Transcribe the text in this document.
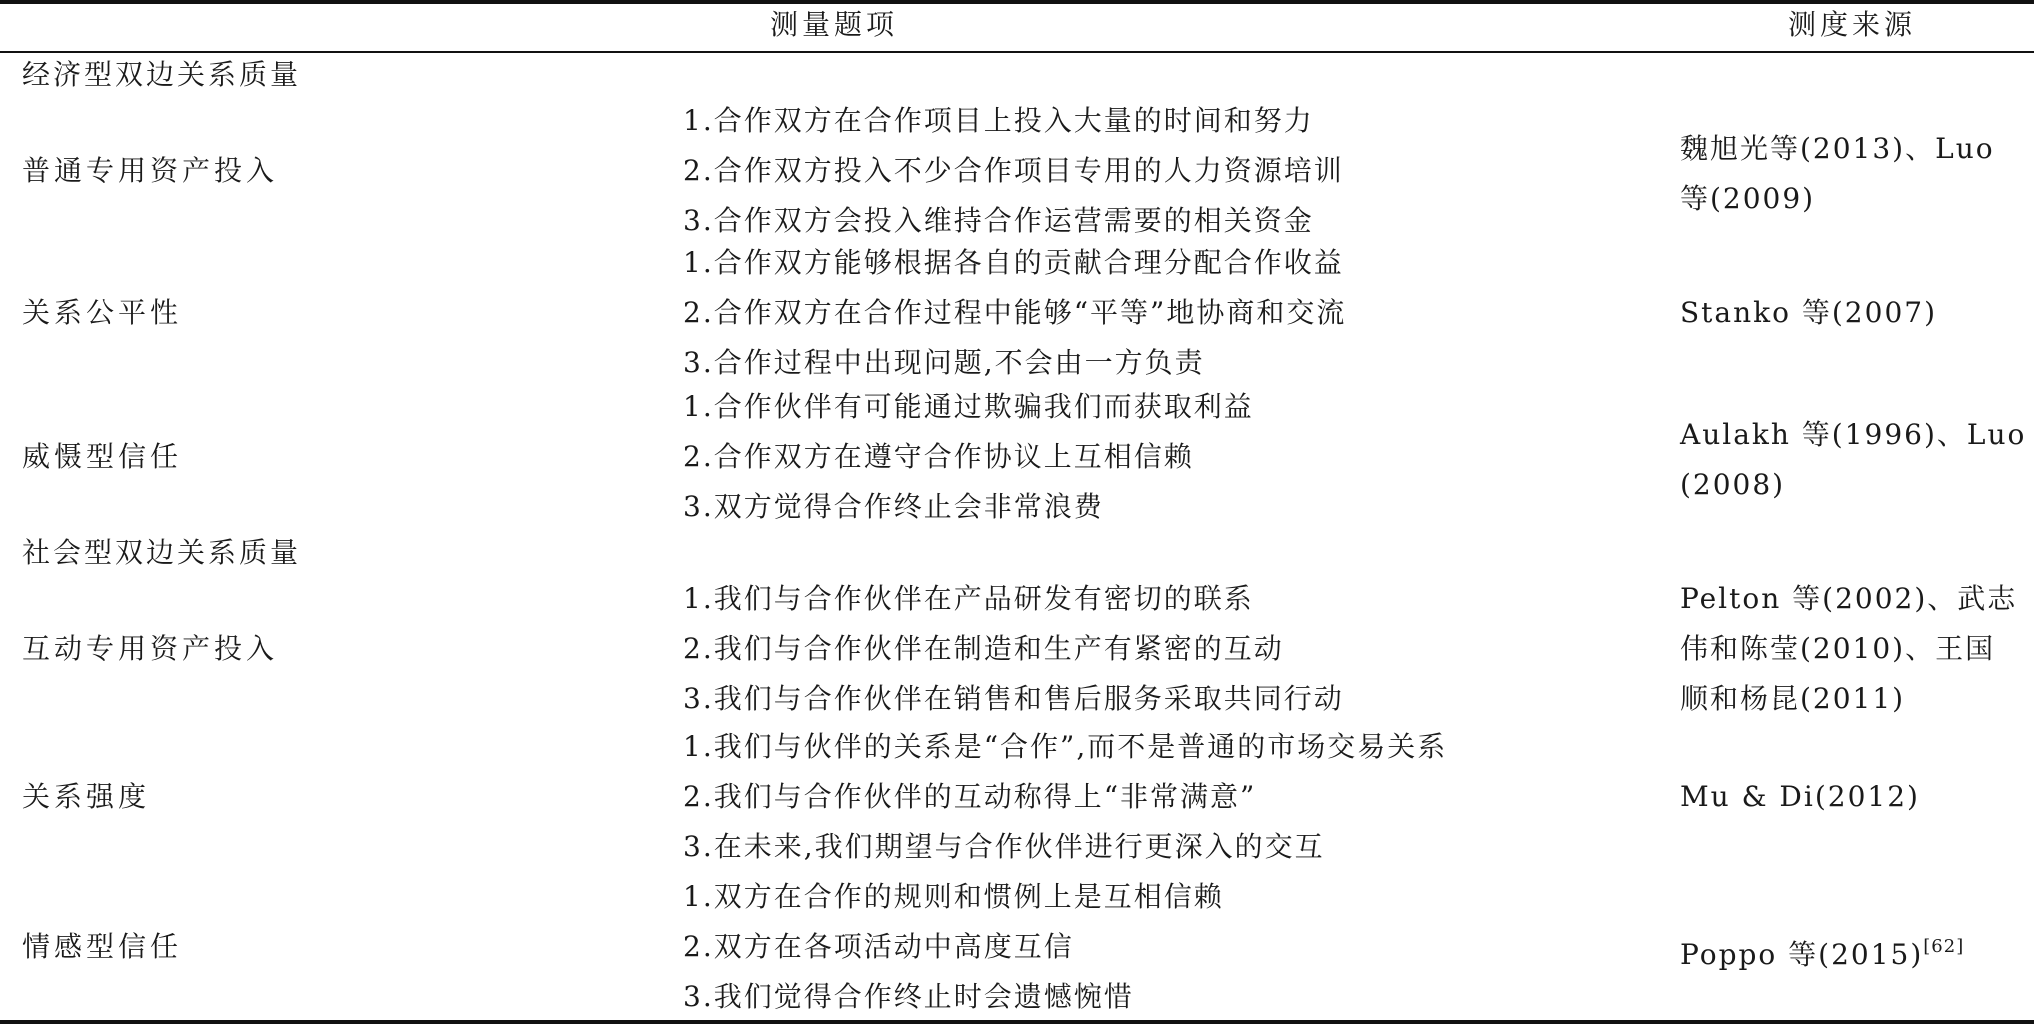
测量题项	测度来源
经济型双边关系质量
普通专用资产投入
1.合作双方在合作项目上投入大量的时间和努力
2.合作双方投入不少合作项目专用的人力资源培训
3.合作双方会投入维持合作运营需要的相关资金
魏旭光等(2013)、Luo
等(2009)
关系公平性
1.合作双方能够根据各自的贡献合理分配合作收益
2.合作双方在合作过程中能够“平等”地协商和交流
3.合作过程中出现问题,不会由一方负责
Stanko 等(2007)
威慑型信任
1.合作伙伴有可能通过欺骗我们而获取利益
2.合作双方在遵守合作协议上互相信赖
3.双方觉得合作终止会非常浪费
Aulakh 等(1996)、Luo
(2008)
社会型双边关系质量
互动专用资产投入
1.我们与合作伙伴在产品研发有密切的联系
2.我们与合作伙伴在制造和生产有紧密的互动
3.我们与合作伙伴在销售和售后服务采取共同行动
Pelton 等(2002)、武志
伟和陈莹(2010)、王国
顺和杨昆(2011)
关系强度
1.我们与伙伴的关系是“合作”,而不是普通的市场交易关系
2.我们与合作伙伴的互动称得上“非常满意”
3.在未来,我们期望与合作伙伴进行更深入的交互
Mu & Di(2012)
情感型信任
1.双方在合作的规则和惯例上是互相信赖
2.双方在各项活动中高度互信
3.我们觉得合作终止时会遗憾惋惜
Poppo 等(2015)[62]
